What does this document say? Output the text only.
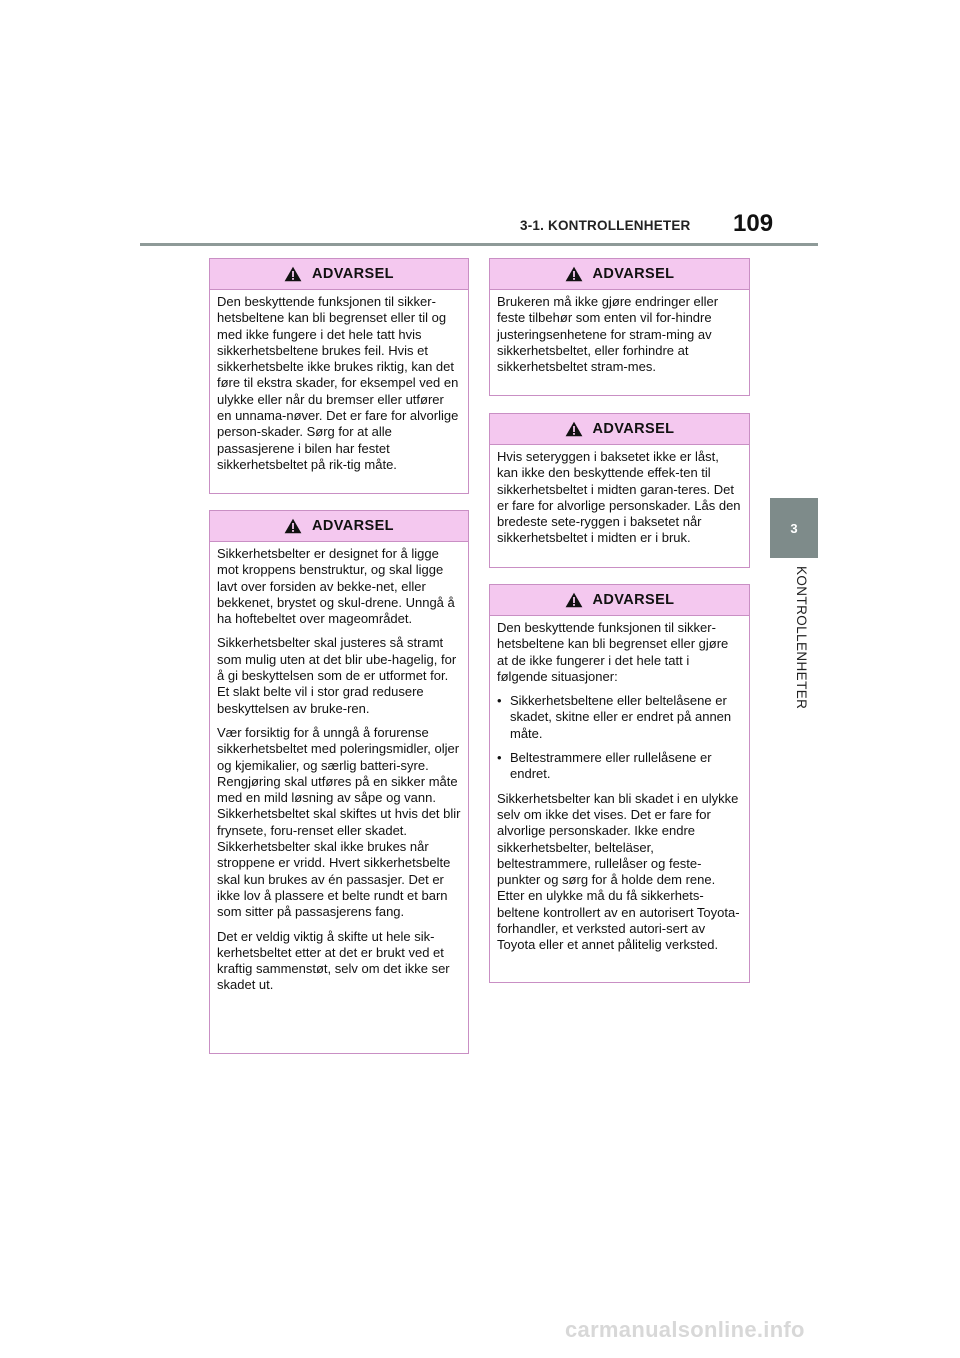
3-1. KONTROLLENHETER 109
3
KONTROLLENHETER
ADVARSEL

Den beskyttende funksjonen til sikker-hetsbeltene kan bli begrenset eller til og med ikke fungere i det hele tatt hvis sikkerhetsbeltene brukes feil. Hvis et sikkerhetsbelte ikke brukes riktig, kan det føre til ekstra skader, for eksempel ved en ulykke eller når du bremser eller utfører en unnama-nøver. Det er fare for alvorlige person-skader. Sørg for at alle passasjerene i bilen har festet sikkerhetsbeltet på rik-tig måte.

ADVARSEL

Sikkerhetsbelter er designet for å ligge mot kroppens benstruktur, og skal ligge lavt over forsiden av bekke-net, eller bekkenet, brystet og skul-drene. Unngå å ha hoftebeltet over mageområdet.

Sikkerhetsbelter skal justeres så stramt som mulig uten at det blir ube-hagelig, for å gi beskyttelsen som de er utformet for. Et slakt belte vil i stor grad redusere beskyttelsen av bruke-ren.

Vær forsiktig for å unngå å forurense sikkerhetsbeltet med poleringsmidler, oljer og kjemikalier, og særlig batteri-syre. Rengjøring skal utføres på en sikker måte med en mild løsning av såpe og vann. Sikkerhetsbeltet skal skiftes ut hvis det blir frynsete, foru-renset eller skadet. Sikkerhetsbelter skal ikke brukes når stroppene er vridd. Hvert sikkerhetsbelte skal kun brukes av én passasjer. Det er ikke lov å plassere et belte rundt et barn som sitter på passasjerens fang.

Det er veldig viktig å skifte ut hele sik-kerhetsbeltet etter at det er brukt ved et kraftig sammenstøt, selv om det ikke ser skadet ut.

ADVARSEL

Brukeren må ikke gjøre endringer eller feste tilbehør som enten vil for-hindre justeringsenhetene for stram-ming av sikkerhetsbeltet, eller forhindre at sikkerhetsbeltet stram-mes.

ADVARSEL

Hvis seteryggen i baksetet ikke er låst, kan ikke den beskyttende effek-ten til sikkerhetsbeltet i midten garan-teres. Det er fare for alvorlige personskader. Lås den bredeste sete-ryggen i baksetet når sikkerhetsbeltet i midten er i bruk.

ADVARSEL

Den beskyttende funksjonen til sikker-hetsbeltene kan bli begrenset eller gjøre at de ikke fungerer i det hele tatt i følgende situasjoner:

• Sikkerhetsbeltene eller beltelåsene er skadet, skitne eller er endret på annen måte.
• Beltestrammere eller rullelåsene er endret.

Sikkerhetsbelter kan bli skadet i en ulykke selv om ikke det vises. Det er fare for alvorlige personskader. Ikke endre sikkerhetsbelter, belteläser, beltestrammere, rullelåser og feste-punkter og sørg for å holde dem rene. Etter en ulykke må du få sikkerhets-beltene kontrollert av en autorisert Toyota-forhandler, et verksted autori-sert av Toyota eller et annet pålitelig verksted.

carmanualsonline.info
